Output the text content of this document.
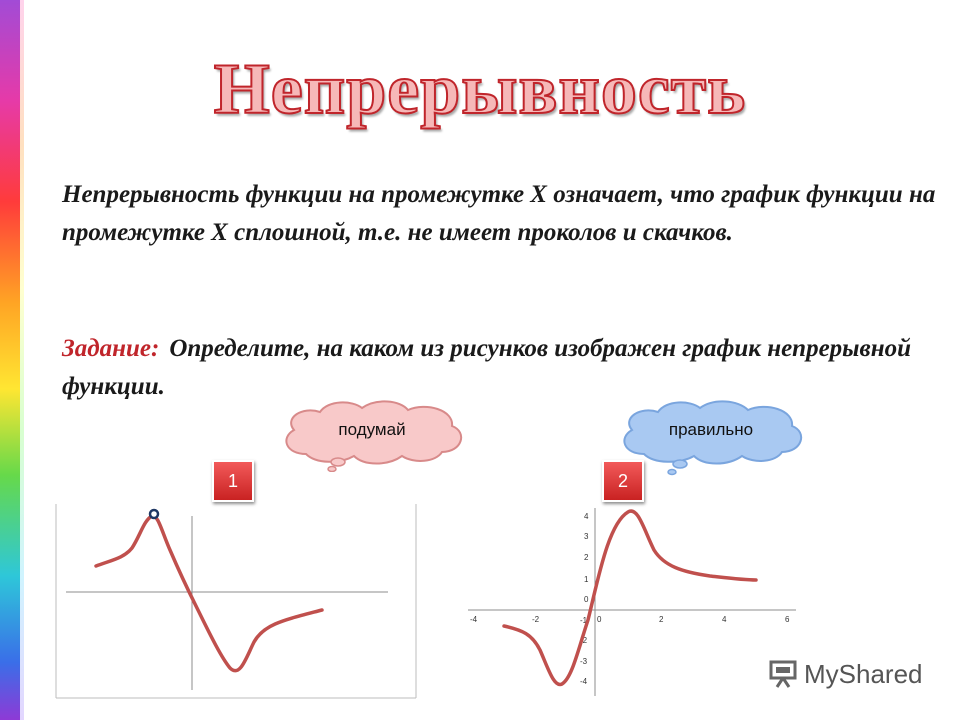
Непрерывность
Непрерывность функции на промежутке Х означает, что график функции на промежутке Х сплошной, т.е. не имеет проколов и скачков.
Задание: Определите, на каком из рисунков изображен график непрерывной функции.
подумай	правильно
1	2
-4	-2	0	2	4	6
4
3
2
1
0
-1
-2
-3
-4	MyShared
